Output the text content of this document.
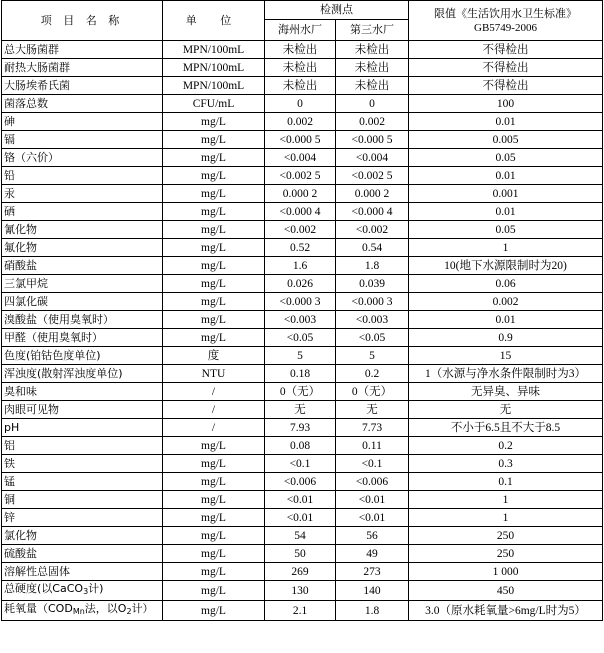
项 目 名 称	单 位	检测点		限值《生活饮用水卫生标准》
GB5749-2006

		海州水厂	第三水厂	
总大肠菌群	MPN/100mL	未检出	未检出	不得检出
耐热大肠菌群	MPN/100mL	未检出	未检出	不得检出
大肠埃希氏菌	MPN/100mL	未检出	未检出	不得检出
菌落总数	CFU/mL	0	0	100
砷	mg/L	0.002	0.002	0.01
镉	mg/L	<0.000 5	<0.000 5	0.005
铬（六价）	mg/L	<0.004	<0.004	0.05
铅	mg/L	<0.002 5	<0.002 5	0.01
汞	mg/L	0.000 2	0.000 2	0.001
硒	mg/L	<0.000 4	<0.000 4	0.01
氰化物	mg/L	<0.002	<0.002	0.05
氟化物	mg/L	0.52	0.54	1
硝酸盐	mg/L	1.6	1.8	10(地下水源限制时为20)
三氯甲烷	mg/L	0.026	0.039	0.06
四氯化碳	mg/L	<0.000 3	<0.000 3	0.002
溴酸盐（使用臭氧时）	mg/L	<0.003	<0.003	0.01
甲醛（使用臭氧时）	mg/L	<0.05	<0.05	0.9
色度(铂钴色度单位)	度	5	5	15
浑浊度(散射浑浊度单位)	NTU	0.18	0.2	1（水源与净水条件限制时为3）
臭和味	/	0（无）	0（无）	无异臭、异味
肉眼可见物	/	无	无	无
pH	/	7.93	7.73	不小于6.5且不大于8.5
铝	mg/L	0.08	0.11	0.2
铁	mg/L	<0.1	<0.1	0.3
锰	mg/L	<0.006	<0.006	0.1
铜	mg/L	<0.01	<0.01	1
锌	mg/L	<0.01	<0.01	1
氯化物	mg/L	54	56	250
硫酸盐	mg/L	50	49	250
溶解性总固体	mg/L	269	273	1 000
总硬度(以CaCO3计)	mg/L	130	140	450
耗氧量（CODMn法，以O2计）	mg/L	2.1	1.8	3.0（原水耗氧量>6mg/L时为5）
